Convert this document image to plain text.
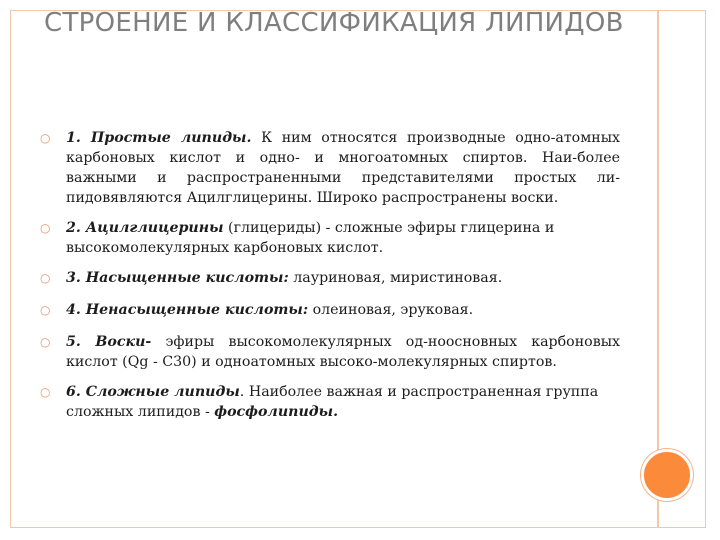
СТРОЕНИЕ И КЛАССИФИКАЦИЯ ЛИПИДОВ
○ 1. Простые липиды. К ним относятся производные одно-атомных карбоновых кислот и одно- и многоатомных спиртов. Наи-более важными и распространенными представителями простых ли-пидовявляются Ацилглицерины. Широко распространены воски.
○ 2. Ацилглицерины (глицериды) - сложные эфиры глицерина и высокомолекулярных карбоновых кислот.
○ 3. Насыщенные кислоты: лауриновая, миристиновая.
○ 4. Ненасыщенные кислоты: олеиновая, эруковая.
○ 5. Воски- эфиры высокомолекулярных од-ноосновных карбоновых кислот (Qg - C30) и одноатомных высоко-молекулярных спиртов.
○ 6. Сложные липиды. Наиболее важная и распространенная группа сложных липидов - фосфолипиды.
